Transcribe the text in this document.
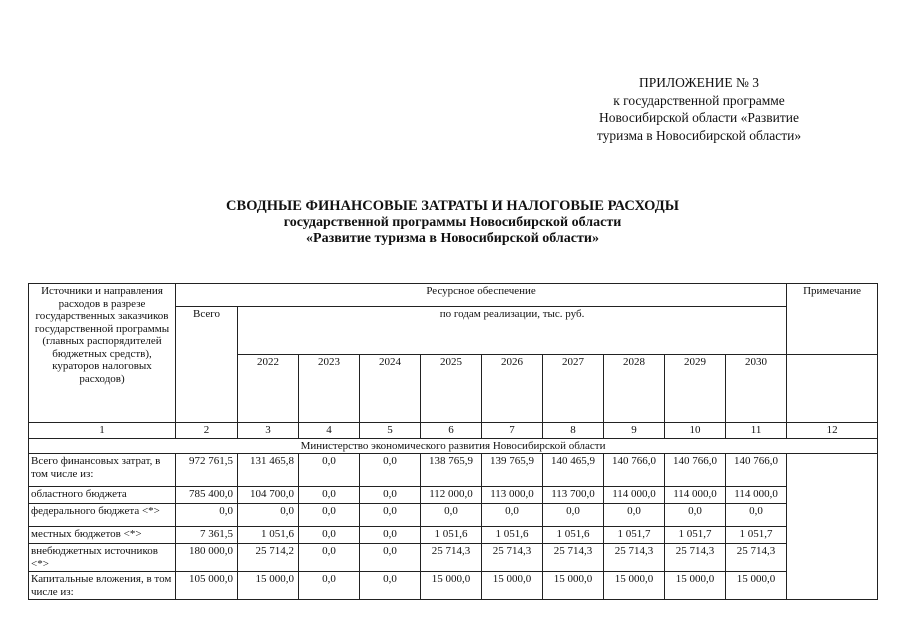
ПРИЛОЖЕНИЕ № 3
к государственной программе
Новосибирской области «Развитие
туризма в Новосибирской области»
СВОДНЫЕ ФИНАНСОВЫЕ ЗАТРАТЫ И НАЛОГОВЫЕ РАСХОДЫ
государственной программы Новосибирской области
«Развитие туризма в Новосибирской области»
Источники и направления расходов в разрезе государственных заказчиков государственной программы (главных распорядителей бюджетных средств), кураторов налоговых расходов)	Ресурсное обеспечение										Примечание
	Всего	по годам реализации, тыс. руб.									
		2022	2023	2024	2025	2026	2027	2028	2029	2030	
1	2	3	4	5	6	7	8	9	10	11	12
Министерство экономического развития Новосибирской области											
Всего финансовых затрат, в том числе из:	972 761,5	131 465,8	0,0	0,0	138 765,9	139 765,9	140 465,9	140 766,0	140 766,0	140 766,0	
областного бюджета	785 400,0	104 700,0	0,0	0,0	112 000,0	113 000,0	113 700,0	114 000,0	114 000,0	114 000,0	
федерального бюджета <*>	0,0	0,0	0,0	0,0	0,0	0,0	0,0	0,0	0,0	0,0	
местных бюджетов <*>	7 361,5	1 051,6	0,0	0,0	1 051,6	1 051,6	1 051,6	1 051,7	1 051,7	1 051,7	
внебюджетных источников <*>	180 000,0	25 714,2	0,0	0,0	25 714,3	25 714,3	25 714,3	25 714,3	25 714,3	25 714,3	
Капитальные вложения, в том числе из:	105 000,0	15 000,0	0,0	0,0	15 000,0	15 000,0	15 000,0	15 000,0	15 000,0	15 000,0	
